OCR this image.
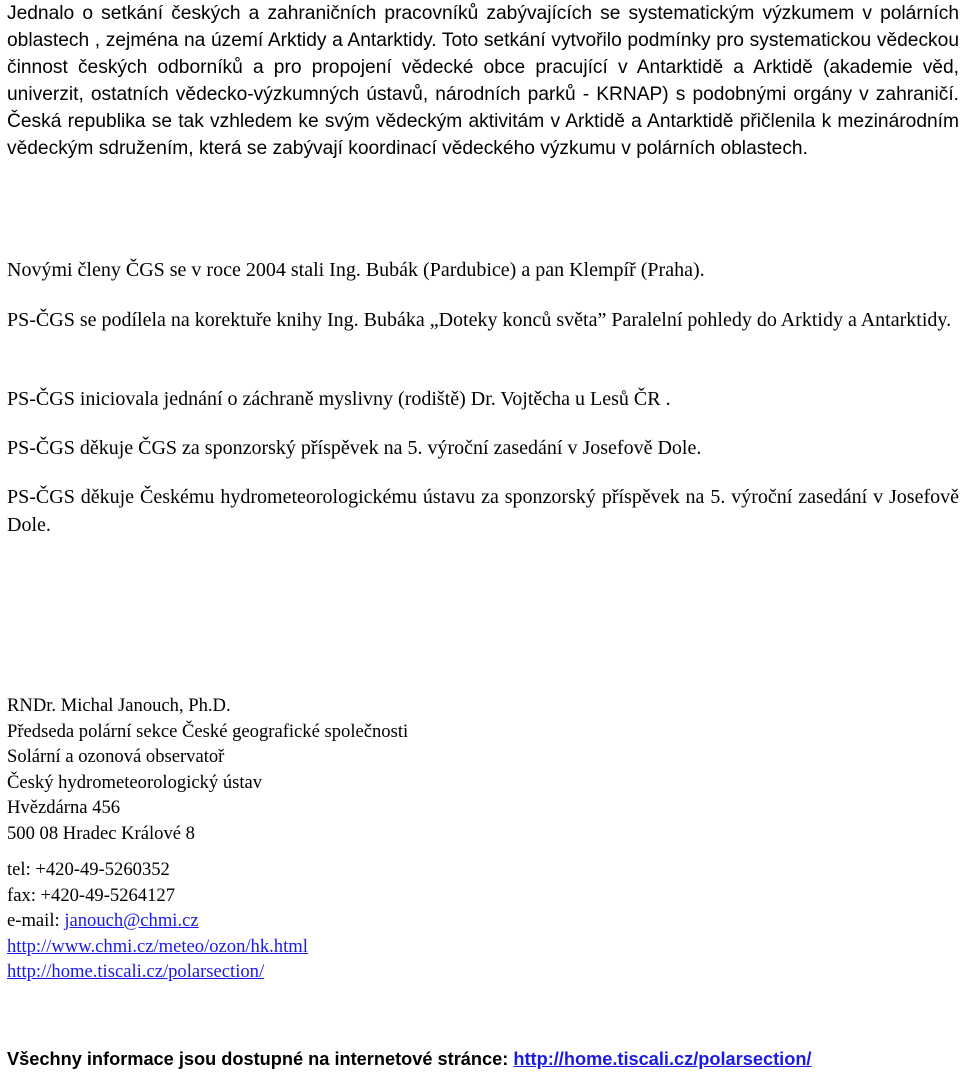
Jednalo o setkání českých a zahraničních pracovníků zabývajících se systematickým výzkumem v polárních oblastech , zejména na území Arktidy a Antarktidy. Toto setkání vytvořilo podmínky pro systematickou vědeckou činnost českých odborníků a pro propojení vědecké obce pracující v Antarktidě a Arktidě (akademie věd, univerzit, ostatních vědecko-výzkumných ústavů, národních parků - KRNAP) s podobnými orgány v zahraničí. Česká republika se tak vzhledem ke svým vědeckým aktivitám v Arktidě a Antarktidě přičlenila k mezinárodním vědeckým sdružením, která se zabývají koordinací vědeckého výzkumu v polárních oblastech.

Novými členy ČGS se v roce 2004 stali Ing. Bubák (Pardubice) a pan Klempíř (Praha).

PS-ČGS se podílela na korektuře knihy Ing. Bubáka „Doteky konců světa” Paralelní pohledy do Arktidy a Antarktidy.

PS-ČGS iniciovala jednání o záchraně myslivny (rodiště) Dr. Vojtěcha u Lesů ČR .

PS-ČGS děkuje ČGS za sponzorský příspěvek na 5. výroční zasedání v Josefově Dole.

PS-ČGS děkuje Českému hydrometeorologickému ústavu za sponzorský příspěvek na 5. výroční zasedání v Josefově Dole.

RNDr. Michal Janouch, Ph.D.
Předseda polární sekce České geografické společnosti
Solární a ozonová observatoř
Český hydrometeorologický ústav
Hvězdárna 456
500 08 Hradec Králové 8
tel: +420-49-5260352
fax: +420-49-5264127
e-mail: janouch@chmi.cz
http://www.chmi.cz/meteo/ozon/hk.html
http://home.tiscali.cz/polarsection/
Všechny informace jsou dostupné na internetové stránce: http://home.tiscali.cz/polarsection/
